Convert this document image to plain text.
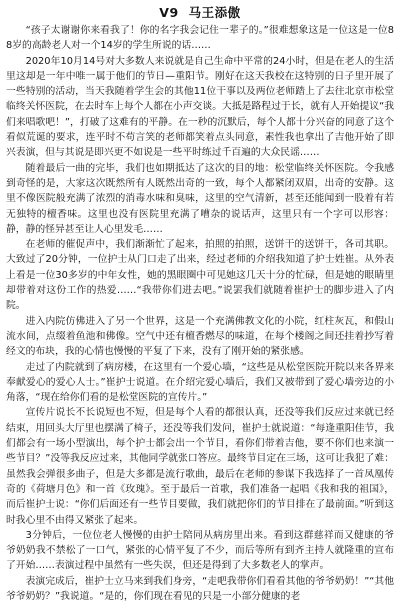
V9 马王添傲

“孩子太谢谢你来看我了！你的名字我会记住一辈子的。”很难想象这是一位这是一位88岁的高龄老人对一个14岁的学生所说的话……

2020年10月14号对大多数人来说就是自己生命中平常的24小时，但是在老人的生活里这却是一年中唯一属于他们的节日—重阳节。刚好在这天我校在这特别的日子里开展了一些特别的活动，当天我随着学生会的其他11位干事以及两位老师踏上了去往北京市松堂临终关怀医院，在去时车上每个人都在小声交谈。大抵是路程过于长，就有人开始提议“我们来唱歌吧！”，打破了这难有的平静。在一秒的沉默后，每个人都十分兴奋的同意了这个看似荒诞的要求，连平时不苟言笑的老师都笑着点头同意，素性我也拿出了吉他开始了即兴表演，但与其说是即兴更不如说是一些平时练过千百遍的大众民谣……

随着最后一曲的完毕，我们也如期抵达了这次的目的地：松堂临终关怀医院。令我感到奇怪的是，大家这次既然所有人既然出奇的一致，每个人都紧闭双眉，出奇的安静。这里不像医院般充满了浓烈的消毒水味和臭味，这里的空气清新，甚至还能闻到一股着有若无独特的檀香味。这里也没有医院里充满了嘈杂的说话声，这里只有一个字可以形容：静，静的怪异甚至让人心里发毛……

在老师的催促声中，我们渐渐忙了起来，拍照的拍照，送饼干的送饼干，各司其职。大致过了20分钟，一位护士从门口走了出来，经过老师的介绍我知道了护士姓崔。从外表上看是一位30多岁的中年女性，她的黑眼圈中可见她这几天十分的忙碌，但是她的眼睛里却带着对这份工作的热爱……“我带你们进去吧。”说罢我们就随着崔护士的脚步进入了内院。

进入内院仿佛进入了另一个世界，这是一个充满佛教文化的小院，红柱灰瓦，和假山流水间，点缀着鱼池和佛像。空气中还有檀香燃尽的味道，在每个楼阁之间还挂着抄写着经文的布块，我的心情也慢慢的平复了下来，没有了刚开始的紧张感。

走过了内院就到了病房楼，在这里有一个爱心墙，“这些是从松堂医院开院以来各界来奉献爱心的爱心人士。”崔护士说道。在介绍完爱心墙后，我们又被带到了爱心墙旁边的小角落，“现在给你们看的是松堂医院的宣传片。”

宣传片说长不长说短也不短，但是每个人看的都很认真，还没等我们反应过来就已经结束，用回头大厅里也摆满了椅子，还没等我们发问，崔护士就说道：“每逢重阳佳节，我们都会有一场小型演出，每个护士都会出一个节目，看你们带着吉他，要不你们也来演一些节目？”没等我反应过来，其他同学就张口答应。最终节目定在三场，这可让我犯了难：虽然我会弹很多曲子，但是大多都是流行歌曲，最后在老师的参谋下我选择了一首凤凰传奇的《荷塘月色》和一首《玫瑰》。至于最后一首歌，我们准备一起唱《我和我的祖国》，而后崔护士说：“你们后面还有一些节目要做，我们就把你们的节目排在了最前面。”听到这时我心里不由得又紧张了起来。

3分钟后，一位位老人慢慢的由护士陪同从病房里出来。看到这群慈祥而又健康的爷爷奶奶我不禁松了一口气，紧张的心情平复了不少，而后等所有到齐主持人就隆重的宣布了开始……表演过程中虽然有一些失误，但还是得到了大多数老人的掌声。

表演完成后，崔护士立马来到我们身旁，“走吧我带你们看看其他的爷爷奶奶！”“其他爷爷奶奶？”我说道。“是的，你们现在看见的只是一小部分健康的老
